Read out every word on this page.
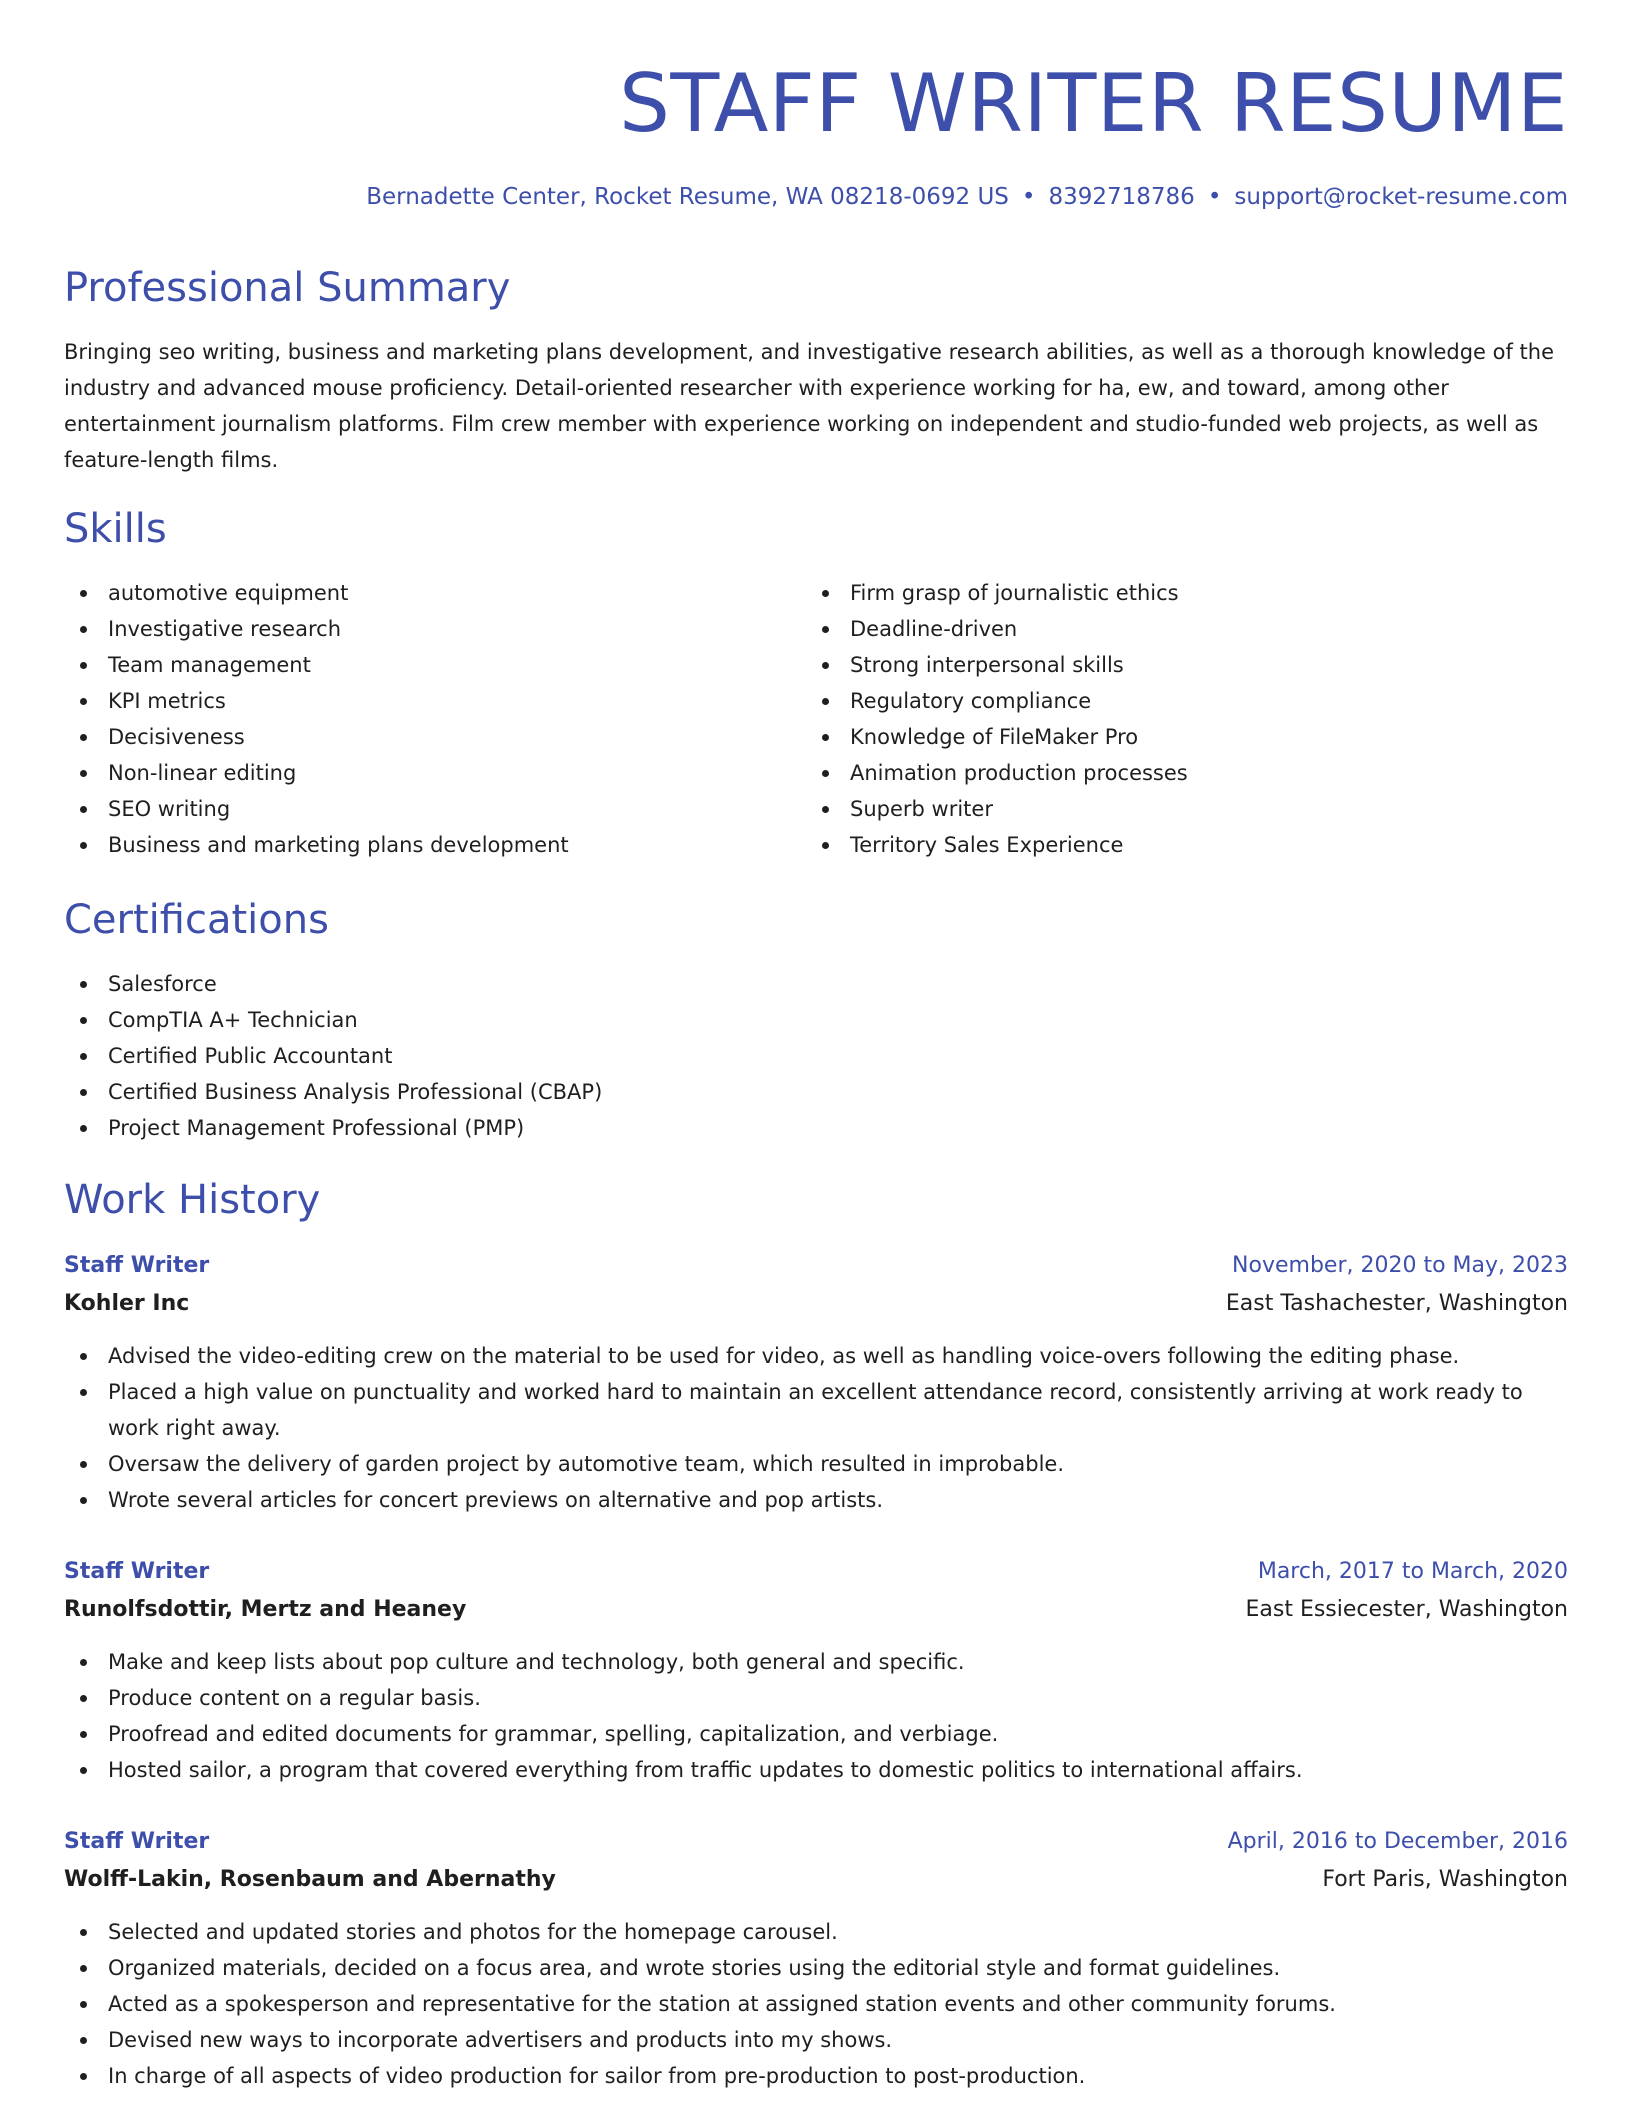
STAFF WRITER RESUME
Bernadette Center, Rocket Resume, WA 08218-0692 US • 8392718786 • support@rocket-resume.com
Professional Summary

Bringing seo writing, business and marketing plans development, and investigative research abilities, as well as a thorough knowledge of the industry and advanced mouse proficiency. Detail-oriented researcher with experience working for ha, ew, and toward, among other entertainment journalism platforms. Film crew member with experience working on independent and studio-funded web projects, as well as feature-length films.

Skills
automotive equipment
Investigative research
Team management
KPI metrics
Decisiveness
Non-linear editing
SEO writing
Business and marketing plans development
Firm grasp of journalistic ethics
Deadline-driven
Strong interpersonal skills
Regulatory compliance
Knowledge of FileMaker Pro
Animation production processes
Superb writer
Territory Sales Experience
Certifications
Salesforce
CompTIA A+ Technician
Certified Public Accountant
Certified Business Analysis Professional (CBAP)
Project Management Professional (PMP)
Work History
Staff Writer	November, 2020 to May, 2023
Kohler Inc	East Tashachester, Washington
Advised the video-editing crew on the material to be used for video, as well as handling voice-overs following the editing phase.
Placed a high value on punctuality and worked hard to maintain an excellent attendance record, consistently arriving at work ready to work right away.
Oversaw the delivery of garden project by automotive team, which resulted in improbable.
Wrote several articles for concert previews on alternative and pop artists.
Staff Writer	March, 2017 to March, 2020
Runolfsdottir, Mertz and Heaney	East Essiecester, Washington
Make and keep lists about pop culture and technology, both general and specific.
Produce content on a regular basis.
Proofread and edited documents for grammar, spelling, capitalization, and verbiage.
Hosted sailor, a program that covered everything from traffic updates to domestic politics to international affairs.
Staff Writer	April, 2016 to December, 2016
Wolff-Lakin, Rosenbaum and Abernathy	Fort Paris, Washington
Selected and updated stories and photos for the homepage carousel.
Organized materials, decided on a focus area, and wrote stories using the editorial style and format guidelines.
Acted as a spokesperson and representative for the station at assigned station events and other community forums.
Devised new ways to incorporate advertisers and products into my shows.
In charge of all aspects of video production for sailor from pre-production to post-production.
